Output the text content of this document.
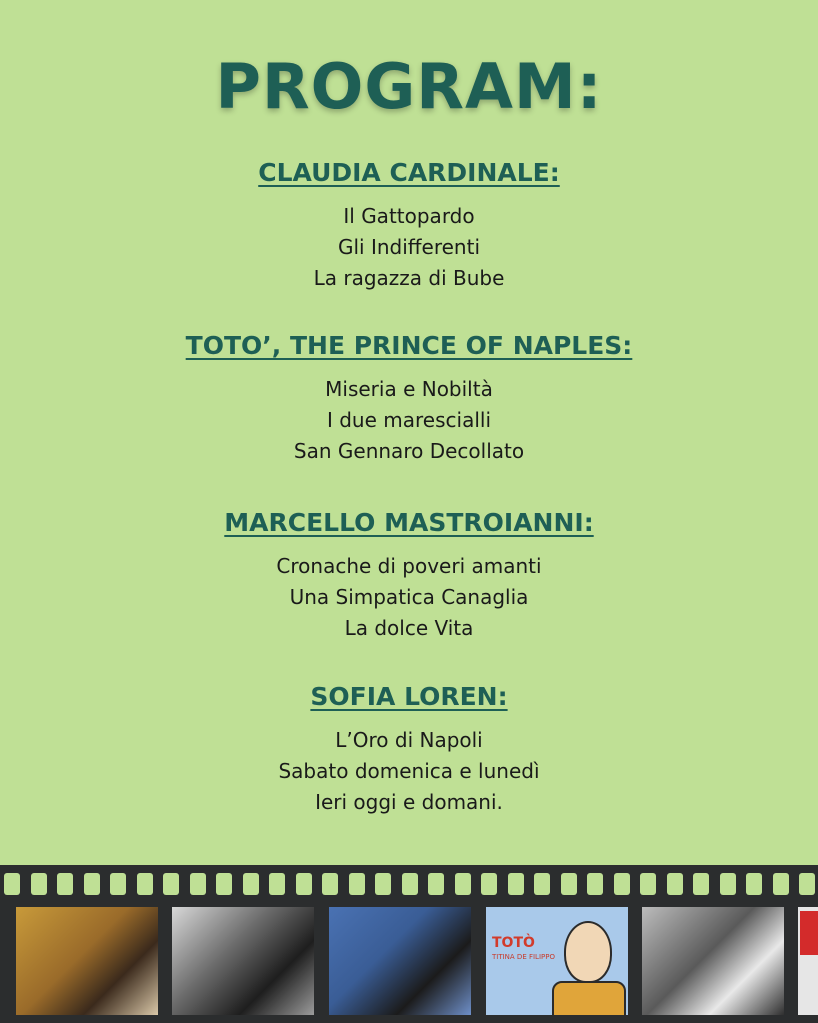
PROGRAM:
CLAUDIA CARDINALE:
Il Gattopardo
Gli Indifferenti
La ragazza di Bube
TOTO’, THE PRINCE OF NAPLES:
Miseria e Nobiltà
I due marescialli
San Gennaro Decollato
MARCELLO MASTROIANNI:
Cronache di poveri amanti
Una Simpatica Canaglia
La dolce Vita
SOFIA LOREN:
L’Oro di Napoli
Sabato domenica e lunedì
Ieri oggi e domani.
TOTÒ
TITINA DE FILIPPO
